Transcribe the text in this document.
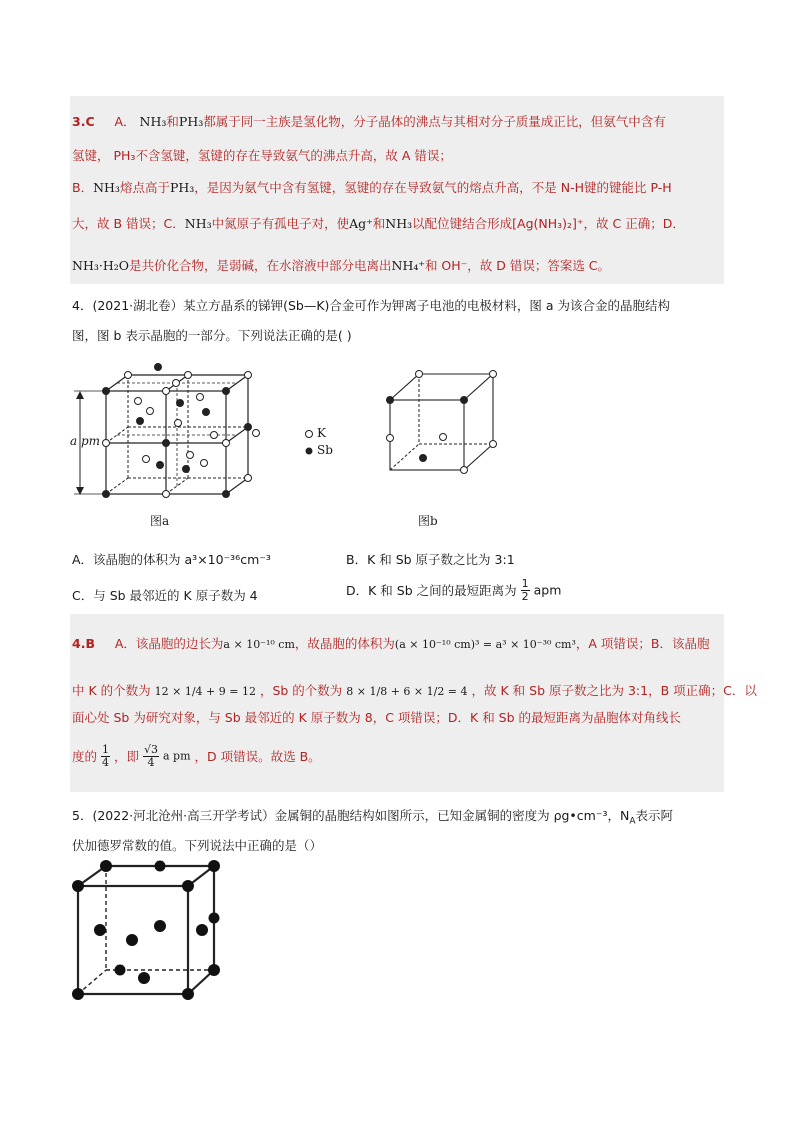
3.C A． NH₃和PH₃都属于同一主族是氢化物，分子晶体的沸点与其相对分子质量成正比，但氨气中含有
氢键， PH₃不含氢键，氢键的存在导致氨气的沸点升高，故 A 错误；
B．NH₃熔点高于PH₃，是因为氨气中含有氢键，氢键的存在导致氨气的熔点升高，不是 N-H键的键能比 P-H
大，故 B 错误；C．NH₃中氮原子有孤电子对，使Ag⁺和NH₃以配位键结合形成[Ag(NH₃)₂]⁺，故 C 正确；D．
NH₃·H₂O是共价化合物，是弱碱，在水溶液中部分电离出NH₄⁺和 OH⁻，故 D 错误；答案选 C。
4．(2021·湖北卷）某立方晶系的锑钾(Sb—K)合金可作为钾离子电池的电极材料，图 a 为该合金的晶胞结构
图，图 b 表示晶胞的一部分。下列说法正确的是( )
a pm
K
Sb
图a	图b
A．该晶胞的体积为 a³×10⁻³⁶cm⁻³	B．K 和 Sb 原子数之比为 3:1
C．与 Sb 最邻近的 K 原子数为 4	D．K 和 Sb 之间的最短距离为 $\frac{1}{2}$ apm
4.B A．该晶胞的边长为a × 10⁻¹⁰ cm，故晶胞的体积为(a × 10⁻¹⁰ cm)³ = a³ × 10⁻³⁰ cm³，A 项错误；B．该晶胞
中 K 的个数为 12 × 1/4 + 9 = 12 ，Sb 的个数为 8 × 1/8 + 6 × 1/2 = 4 ，故 K 和 Sb 原子数之比为 3:1，B 项正确；C．以
面心处 Sb 为研究对象，与 Sb 最邻近的 K 原子数为 8，C 项错误；D．K 和 Sb 的最短距离为晶胞体对角线长
度的 $\frac{1}{4}$ ，即 $\frac{√3}{4}$ a pm ，D 项错误。故选 B。
5．(2022·河北沧州·高三开学考试）金属铜的晶胞结构如图所示，已知金属铜的密度为 ρg•cm⁻³，$N_A$表示阿
伏加德罗常数的值。下列说法中正确的是（）
